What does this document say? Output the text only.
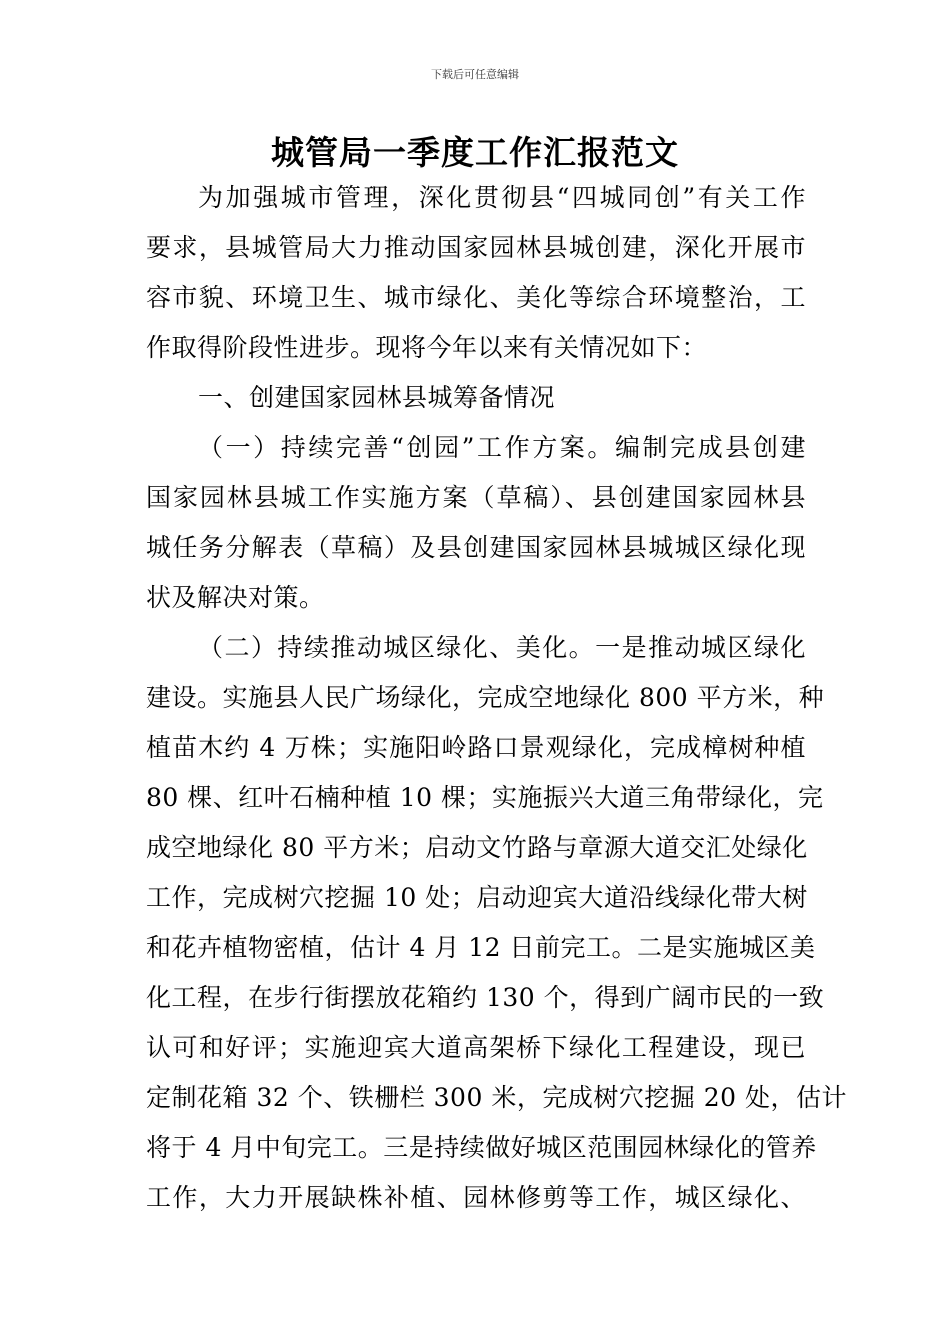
下载后可任意编辑
城管局一季度工作汇报范文
为加强城市管理，深化贯彻县“四城同创”有关工作
要求，县城管局大力推动国家园林县城创建，深化开展市
容市貌、环境卫生、城市绿化、美化等综合环境整治，工
作取得阶段性进步。现将今年以来有关情况如下：
一、创建国家园林县城筹备情况
（一）持续完善“创园”工作方案。编制完成县创建
国家园林县城工作实施方案（草稿）、县创建国家园林县
城任务分解表（草稿）及县创建国家园林县城城区绿化现
状及解决对策。
（二）持续推动城区绿化、美化。一是推动城区绿化
建设。实施县人民广场绿化，完成空地绿化 800 平方米，种
植苗木约 4 万株；实施阳岭路口景观绿化，完成樟树种植
80 棵、红叶石楠种植 10 棵；实施振兴大道三角带绿化，完
成空地绿化 80 平方米；启动文竹路与章源大道交汇处绿化
工作，完成树穴挖掘 10 处；启动迎宾大道沿线绿化带大树
和花卉植物密植，估计 4 月 12 日前完工。二是实施城区美
化工程，在步行街摆放花箱约 130 个，得到广阔市民的一致
认可和好评；实施迎宾大道高架桥下绿化工程建设，现已
定制花箱 32 个、铁栅栏 300 米，完成树穴挖掘 20 处，估计
将于 4 月中旬完工。三是持续做好城区范围园林绿化的管养
工作，大力开展缺株补植、园林修剪等工作，城区绿化、
